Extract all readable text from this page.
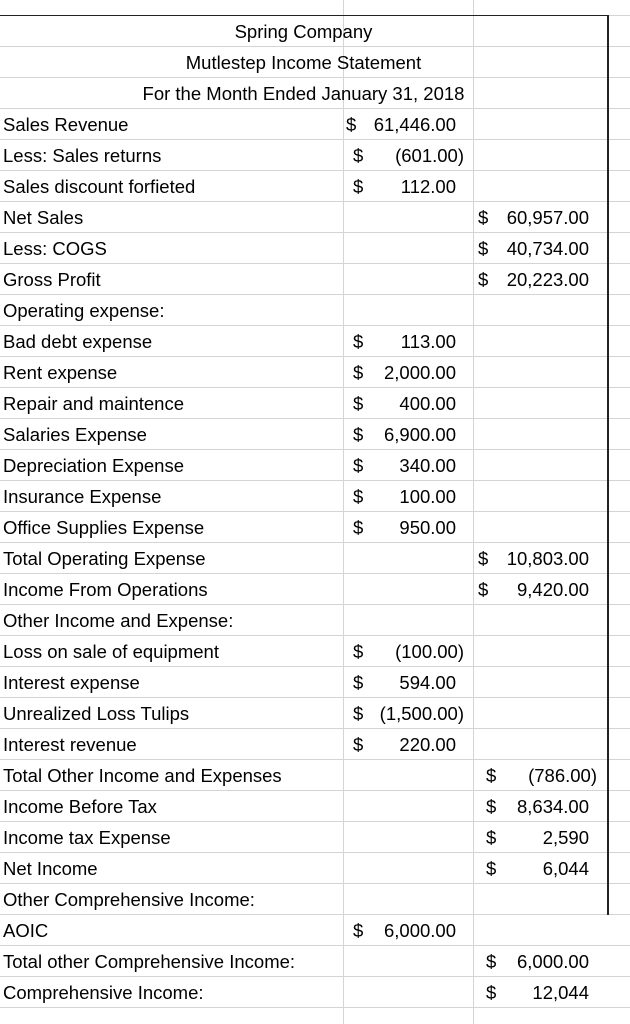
Spring Company
Mutlestep Income Statement
For the Month Ended January 31, 2018
Sales Revenue	$ 61,446.00
Less: Sales returns	$ (601.00)
Sales discount forfieted	$ 112.00
Net Sales	$ 60,957.00
Less: COGS	$ 40,734.00
Gross Profit	$ 20,223.00
Operating expense:
Bad debt expense	$ 113.00
Rent expense	$ 2,000.00
Repair and maintence	$ 400.00
Salaries Expense	$ 6,900.00
Depreciation Expense	$ 340.00
Insurance Expense	$ 100.00
Office Supplies Expense	$ 950.00
Total Operating Expense	$ 10,803.00
Income From Operations	$ 9,420.00
Other Income and Expense:
Loss on sale of equipment	$ (100.00)
Interest expense	$ 594.00
Unrealized Loss Tulips	$ (1,500.00)
Interest revenue	$ 220.00
Total Other Income and Expenses	$ (786.00)
Income Before Tax	$ 8,634.00
Income tax Expense	$	2,590
Net Income	$	6,044
Other Comprehensive Income:
AOIC	$ 6,000.00
Total other Comprehensive Income:	$ 6,000.00
Comprehensive Income:	$ 12,044
